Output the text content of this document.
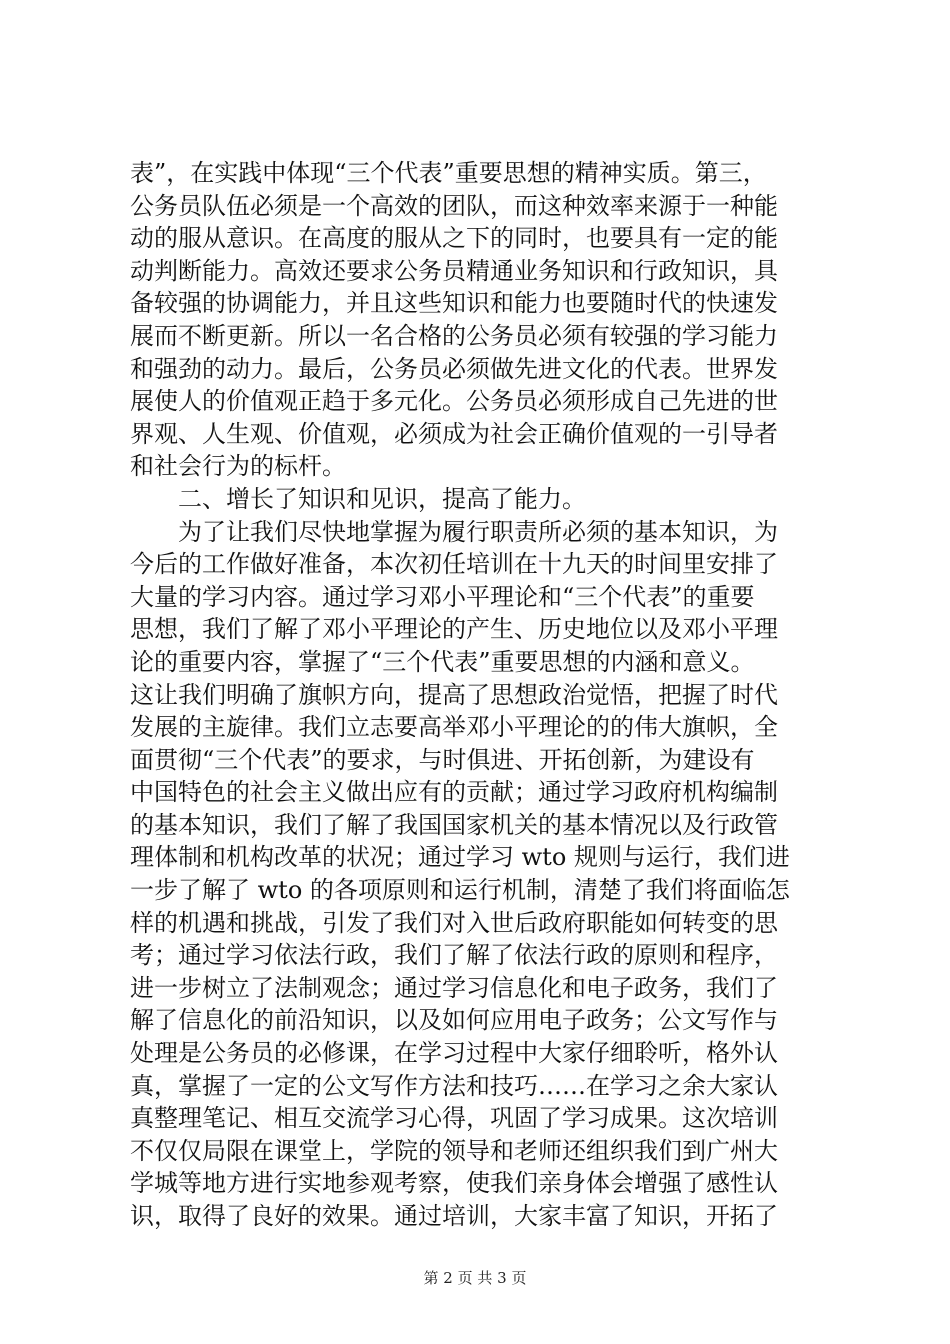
表”，在实践中体现“三个代表”重要思想的精神实质。第三，
公务员队伍必须是一个高效的团队，而这种效率来源于一种能
动的服从意识。在高度的服从之下的同时，也要具有一定的能
动判断能力。高效还要求公务员精通业务知识和行政知识，具
备较强的协调能力，并且这些知识和能力也要随时代的快速发
展而不断更新。所以一名合格的公务员必须有较强的学习能力
和强劲的动力。最后，公务员必须做先进文化的代表。世界发
展使人的价值观正趋于多元化。公务员必须形成自己先进的世
界观、人生观、价值观，必须成为社会正确价值观的一引导者
和社会行为的标杆。
　　二、增长了知识和见识，提高了能力。
　　为了让我们尽快地掌握为履行职责所必须的基本知识，为
今后的工作做好准备，本次初任培训在十九天的时间里安排了
大量的学习内容。通过学习邓小平理论和“三个代表”的重要
思想，我们了解了邓小平理论的产生、历史地位以及邓小平理
论的重要内容，掌握了“三个代表”重要思想的内涵和意义。
这让我们明确了旗帜方向，提高了思想政治觉悟，把握了时代
发展的主旋律。我们立志要高举邓小平理论的的伟大旗帜，全
面贯彻“三个代表”的要求，与时俱进、开拓创新，为建设有
中国特色的社会主义做出应有的贡献；通过学习政府机构编制
的基本知识，我们了解了我国国家机关的基本情况以及行政管
理体制和机构改革的状况；通过学习 wto 规则与运行，我们进
一步了解了 wto 的各项原则和运行机制，清楚了我们将面临怎
样的机遇和挑战，引发了我们对入世后政府职能如何转变的思
考；通过学习依法行政，我们了解了依法行政的原则和程序，
进一步树立了法制观念；通过学习信息化和电子政务，我们了
解了信息化的前沿知识，以及如何应用电子政务；公文写作与
处理是公务员的必修课，在学习过程中大家仔细聆听，格外认
真，掌握了一定的公文写作方法和技巧……在学习之余大家认
真整理笔记、相互交流学习心得，巩固了学习成果。这次培训
不仅仅局限在课堂上，学院的领导和老师还组织我们到广州大
学城等地方进行实地参观考察，使我们亲身体会增强了感性认
识，取得了良好的效果。通过培训，大家丰富了知识，开拓了
第 2 页 共 3 页
